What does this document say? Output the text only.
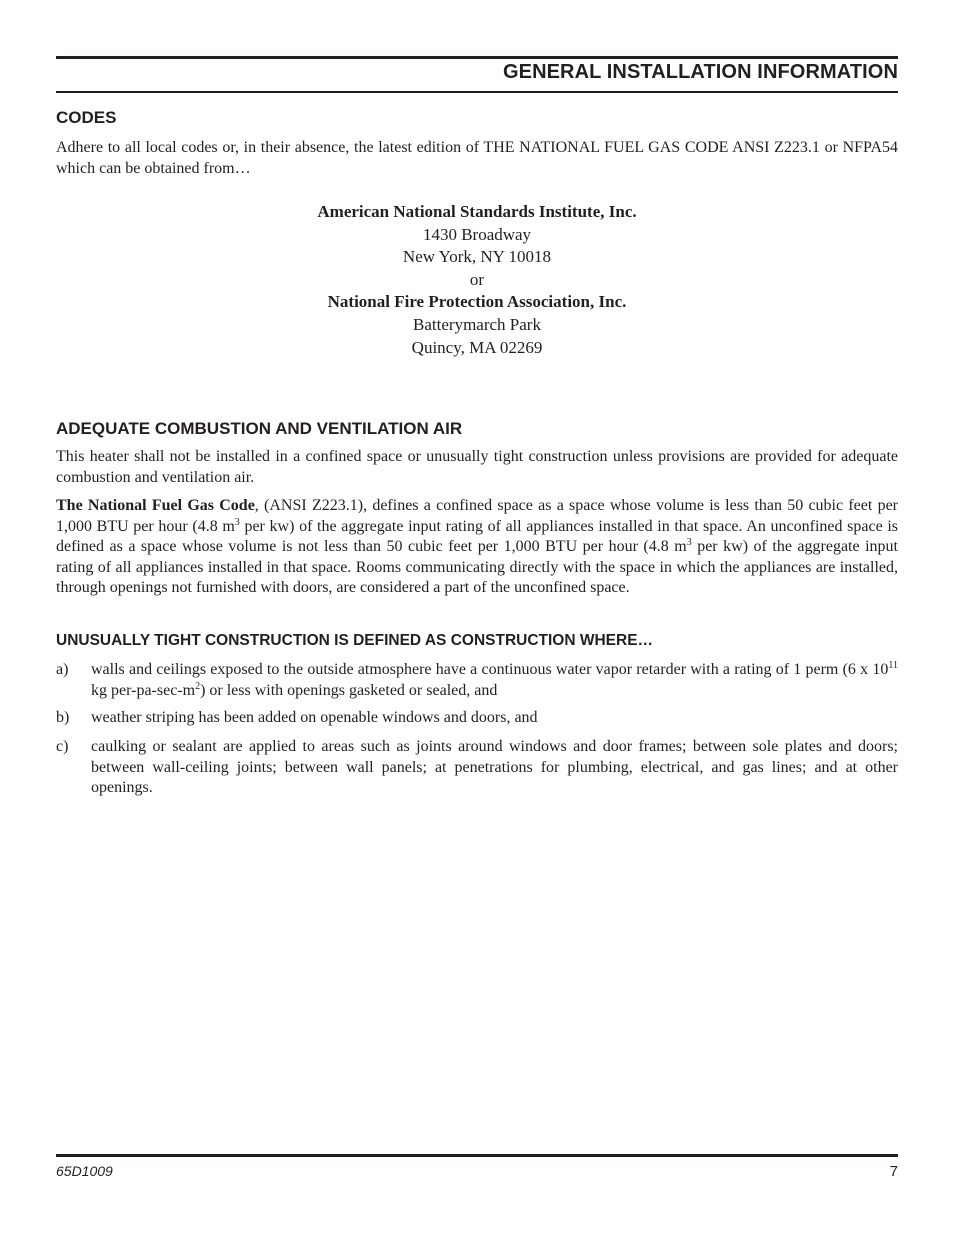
GENERAL INSTALLATION INFORMATION
CODES
Adhere to all local codes or, in their absence, the latest edition of THE NATIONAL FUEL GAS CODE ANSI Z223.1 or NFPA54 which can be obtained from…
American National Standards Institute, Inc.
1430 Broadway
New York, NY 10018
or
National Fire Protection Association, Inc.
Batterymarch Park
Quincy, MA 02269
ADEQUATE COMBUSTION AND VENTILATION AIR
This heater shall not be installed in a confined space or unusually tight construction unless provisions are provided for adequate combustion and ventilation air.
The National Fuel Gas Code, (ANSI Z223.1), defines a confined space as a space whose volume is less than 50 cubic feet per 1,000 BTU per hour (4.8 $m^3$ per kw) of the aggregate input rating of all appliances installed in that space. An unconfined space is defined as a space whose volume is not less than 50 cubic feet per 1,000 BTU per hour (4.8 $m^3$ per kw) of the aggregate input rating of all appliances installed in that space. Rooms communicating directly with the space in which the appliances are installed, through openings not furnished with doors, are considered a part of the unconfined space.
UNUSUALLY TIGHT CONSTRUCTION IS DEFINED AS CONSTRUCTION WHERE…
a) walls and ceilings exposed to the outside atmosphere have a continuous water vapor retarder with a rating of 1 perm (6 x $10^{11}$ kg per-$pa-\sec-m^2$) or less with openings gasketed or sealed, and
b) weather striping has been added on openable windows and doors, and
c) caulking or sealant are applied to areas such as joints around windows and door frames; between sole plates and doors; between wall-ceiling joints; between wall panels; at penetrations for plumbing, electrical, and gas lines; and at other openings.
65D1009	7
